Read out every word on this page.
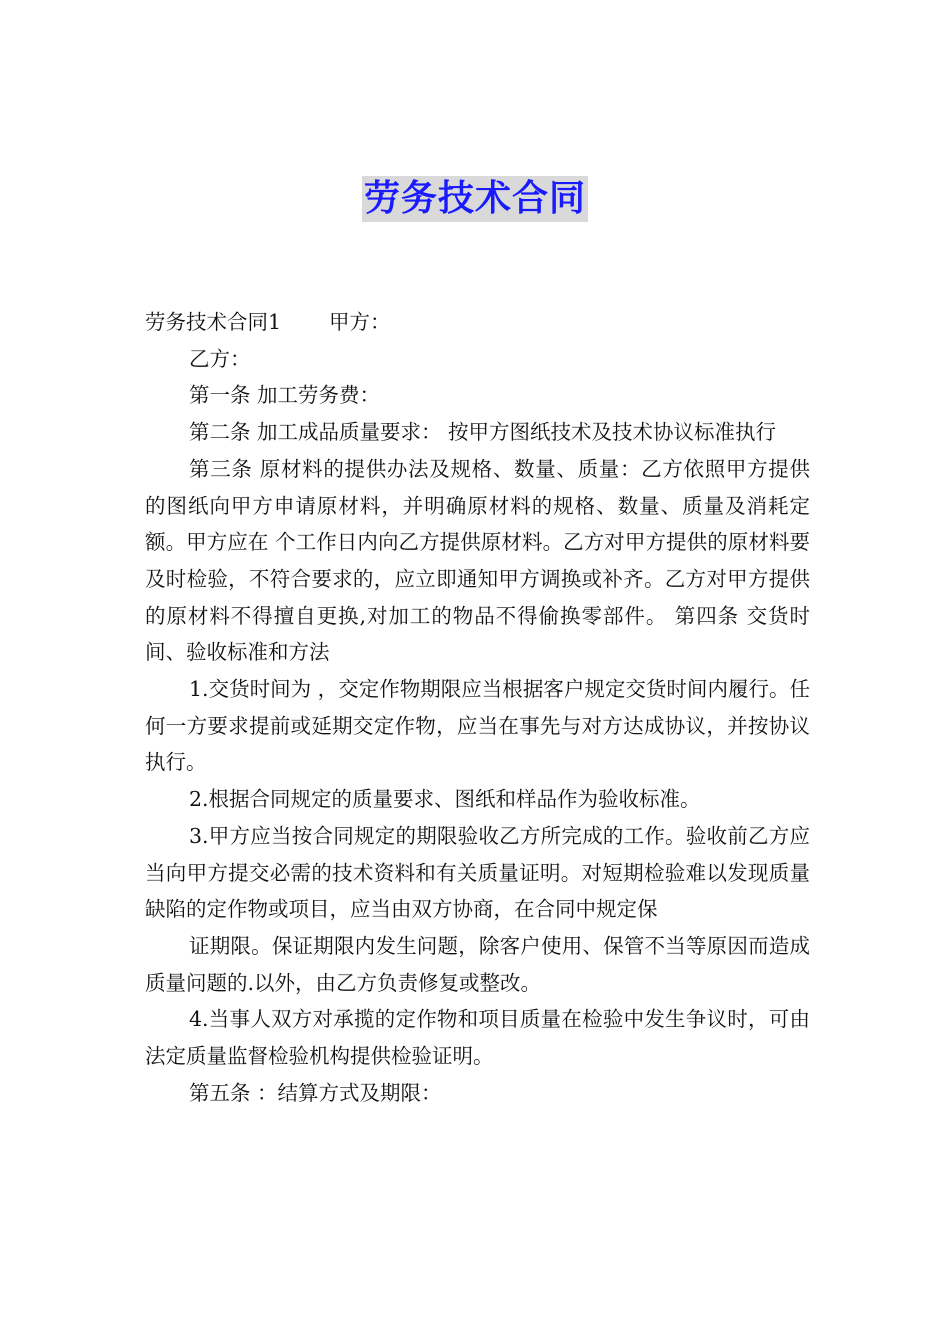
劳务技术合同

劳务技术合同1 甲方：

乙方：

第一条 加工劳务费：

第二条 加工成品质量要求： 按甲方图纸技术及技术协议标准执行

第三条 原材料的提供办法及规格、数量、质量：乙方依照甲方提供的图纸向甲方申请原材料，并明确原材料的规格、数量、质量及消耗定额。甲方应在 个工作日内向乙方提供原材料。乙方对甲方提供的原材料要及时检验，不符合要求的，应立即通知甲方调换或补齐。乙方对甲方提供的原材料不得擅自更换,对加工的物品不得偷换零部件。 第四条 交货时间、验收标准和方法

1.交货时间为 ，交定作物期限应当根据客户规定交货时间内履行。任何一方要求提前或延期交定作物，应当在事先与对方达成协议，并按协议执行。

2.根据合同规定的质量要求、图纸和样品作为验收标准。

3.甲方应当按合同规定的期限验收乙方所完成的工作。验收前乙方应当向甲方提交必需的技术资料和有关质量证明。对短期检验难以发现质量缺陷的定作物或项目，应当由双方协商，在合同中规定保

证期限。保证期限内发生问题，除客户使用、保管不当等原因而造成质量问题的.以外，由乙方负责修复或整改。

4.当事人双方对承揽的定作物和项目质量在检验中发生争议时，可由法定质量监督检验机构提供检验证明。

第五条 ：结算方式及期限：
